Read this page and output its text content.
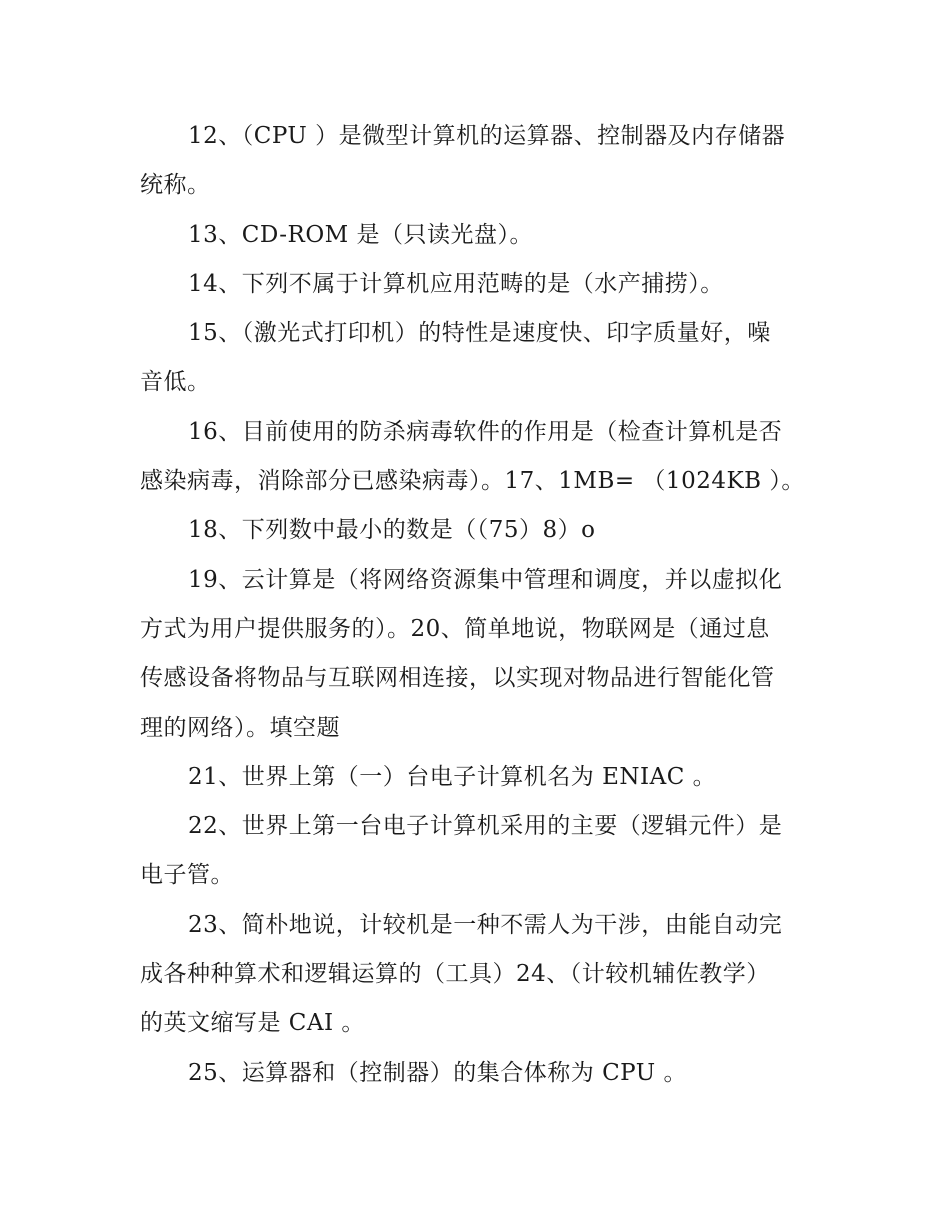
12、（CPU ）是微型计算机的运算器、控制器及内存储器
统称。
13、CD-ROM 是（只读光盘）。
14、下列不属于计算机应用范畴的是（水产捕捞）。
15、（激光式打印机）的特性是速度快、印字质量好，噪
音低。
16、目前使用的防杀病毒软件的作用是（检查计算机是否
感染病毒，消除部分已感染病毒）。17、1MB= （1024KB ）。
18、下列数中最小的数是（（75）8）o
19、云计算是（将网络资源集中管理和调度，并以虚拟化
方式为用户提供服务的）。20、简单地说，物联网是（通过息
传感设备将物品与互联网相连接，以实现对物品进行智能化管
理的网络）。填空题
21、世界上第（一）台电子计算机名为 ENIAC 。
22、世界上第一台电子计算机采用的主要（逻辑元件）是
电子管。
23、简朴地说，计较机是一种不需人为干涉，由能自动完
成各种种算术和逻辑运算的（工具）24、（计较机辅佐教学）
的英文缩写是 CAI 。
25、运算器和（控制器）的集合体称为 CPU 。
